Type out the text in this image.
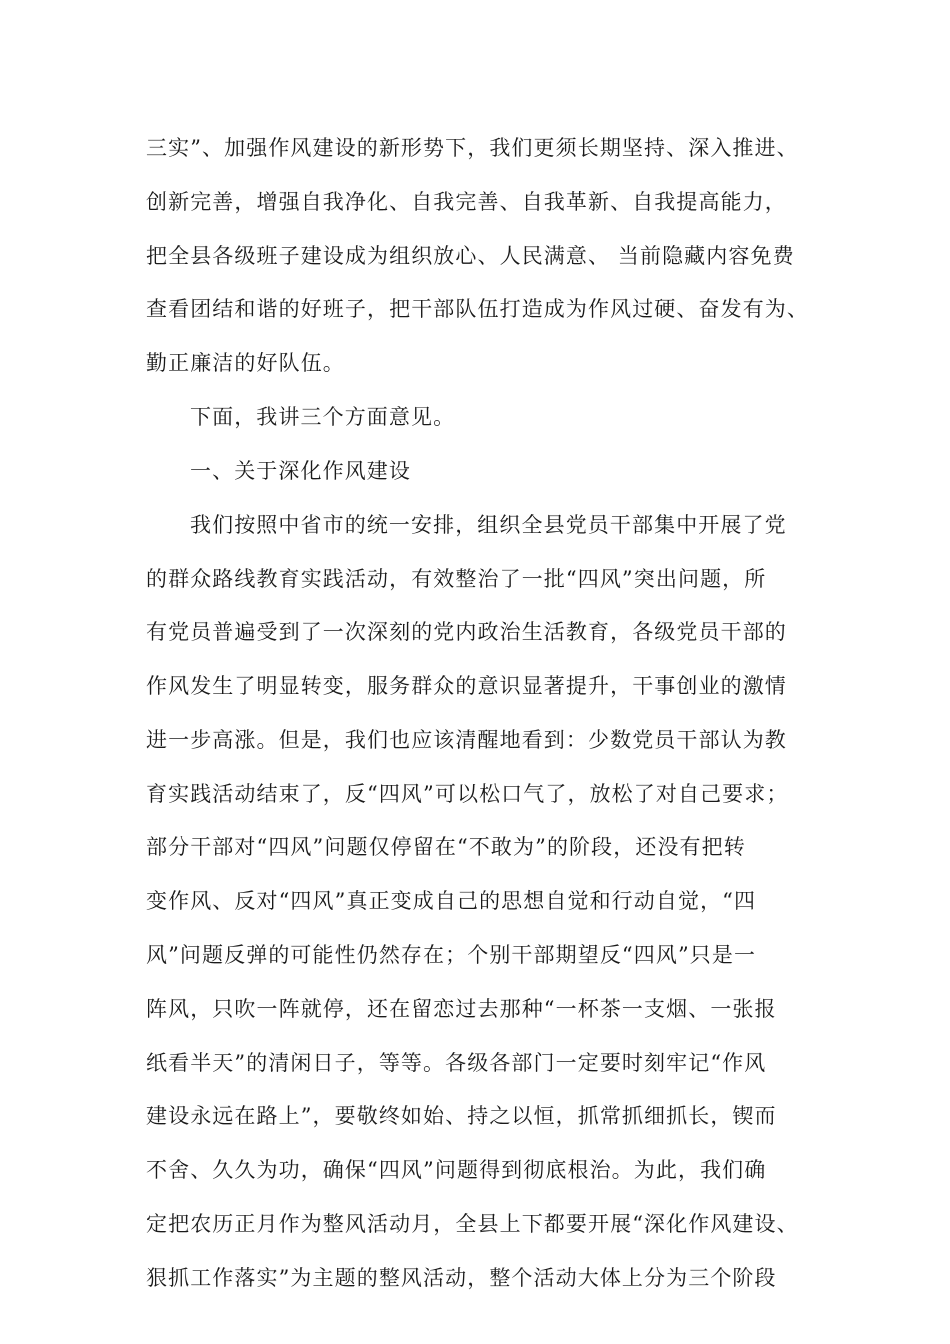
三实”、加强作风建设的新形势下，我们更须长期坚持、深入推进、
创新完善，增强自我净化、自我完善、自我革新、自我提高能力，
把全县各级班子建设成为组织放心、人民满意、 当前隐藏内容免费
查看团结和谐的好班子，把干部队伍打造成为作风过硬、奋发有为、
勤正廉洁的好队伍。
下面，我讲三个方面意见。
一、关于深化作风建设
我们按照中省市的统一安排，组织全县党员干部集中开展了党
的群众路线教育实践活动，有效整治了一批“四风”突出问题，所
有党员普遍受到了一次深刻的党内政治生活教育，各级党员干部的
作风发生了明显转变，服务群众的意识显著提升，干事创业的激情
进一步高涨。但是，我们也应该清醒地看到：少数党员干部认为教
育实践活动结束了，反“四风”可以松口气了，放松了对自己要求；
部分干部对“四风”问题仅停留在“不敢为”的阶段，还没有把转
变作风、反对“四风”真正变成自己的思想自觉和行动自觉，“四
风”问题反弹的可能性仍然存在；个别干部期望反“四风”只是一
阵风，只吹一阵就停，还在留恋过去那种“一杯茶一支烟、一张报
纸看半天”的清闲日子，等等。各级各部门一定要时刻牢记“作风
建设永远在路上”，要敬终如始、持之以恒，抓常抓细抓长，锲而
不舍、久久为功，确保“四风”问题得到彻底根治。为此，我们确
定把农历正月作为整风活动月，全县上下都要开展“深化作风建设、
狠抓工作落实”为主题的整风活动，整个活动大体上分为三个阶段
